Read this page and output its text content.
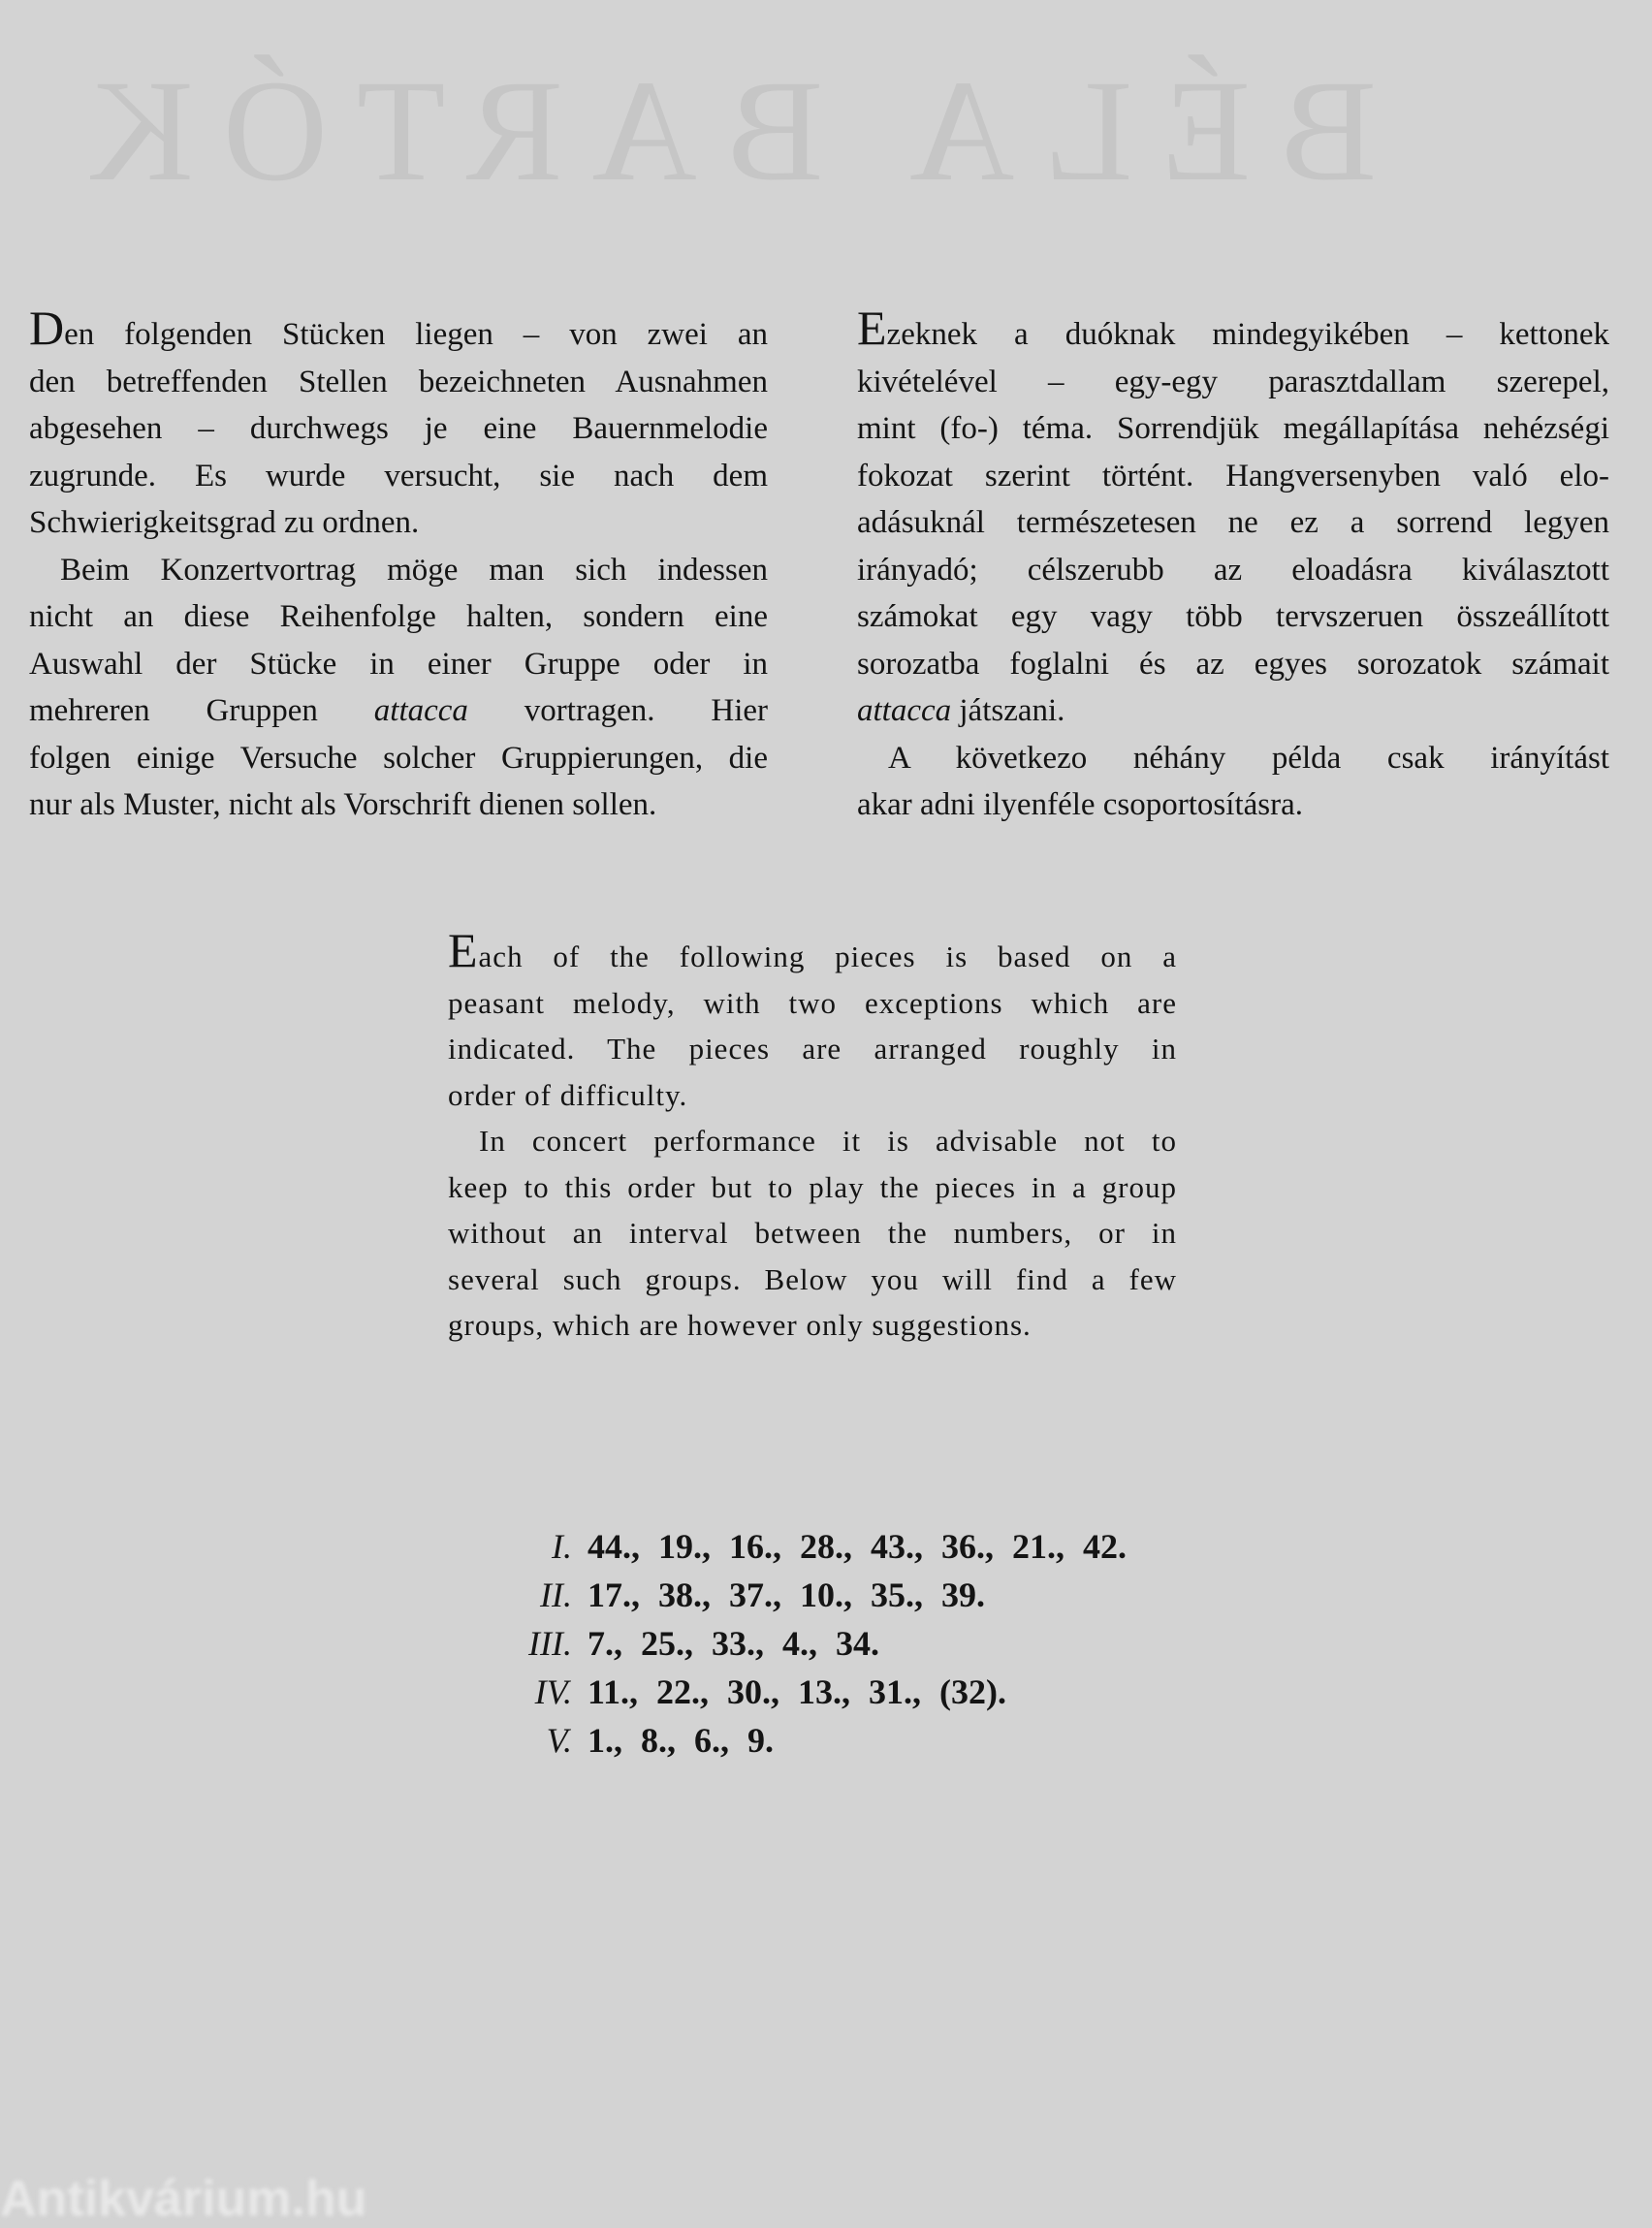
BÉLA BARTÓK
Den folgenden Stücken liegen – von zwei an
den betreffenden Stellen bezeichneten Ausnahmen
abgesehen – durchwegs je eine Bauernmelodie
zugrunde. Es wurde versucht, sie nach dem
Schwierigkeitsgrad zu ordnen.
Beim Konzertvortrag möge man sich indessen
nicht an diese Reihenfolge halten, sondern eine
Auswahl der Stücke in einer Gruppe oder in
mehreren Gruppen attacca vortragen. Hier
folgen einige Versuche solcher Gruppierungen, die
nur als Muster, nicht als Vorschrift dienen sollen.
Ezeknek a duóknak mindegyikében – kettonek
kivételével – egy-egy parasztdallam szerepel,
mint (fo-) téma. Sorrendjük megállapítása nehézségi
fokozat szerint történt. Hangversenyben való elo-
adásuknál természetesen ne ez a sorrend legyen
irányadó; célszerubb az eloadásra kiválasztott
számokat egy vagy több tervszeruen összeállított
sorozatba foglalni és az egyes sorozatok számait
attacca játszani.
A következo néhány példa csak irányítást
akar adni ilyenféle csoportosításra.
Each of the following pieces is based on a
peasant melody, with two exceptions which are
indicated. The pieces are arranged roughly in
order of difficulty.
In concert performance it is advisable not to
keep to this order but to play the pieces in a group
without an interval between the numbers, or in
several such groups. Below you will find a few
groups, which are however only suggestions.
I. 44., 19., 16., 28., 43., 36., 21., 42.
II. 17., 38., 37., 10., 35., 39.
III. 7., 25., 33., 4., 34.
IV. 11., 22., 30., 13., 31., (32).
V. 1., 8., 6., 9.
Antikvárium.hu
